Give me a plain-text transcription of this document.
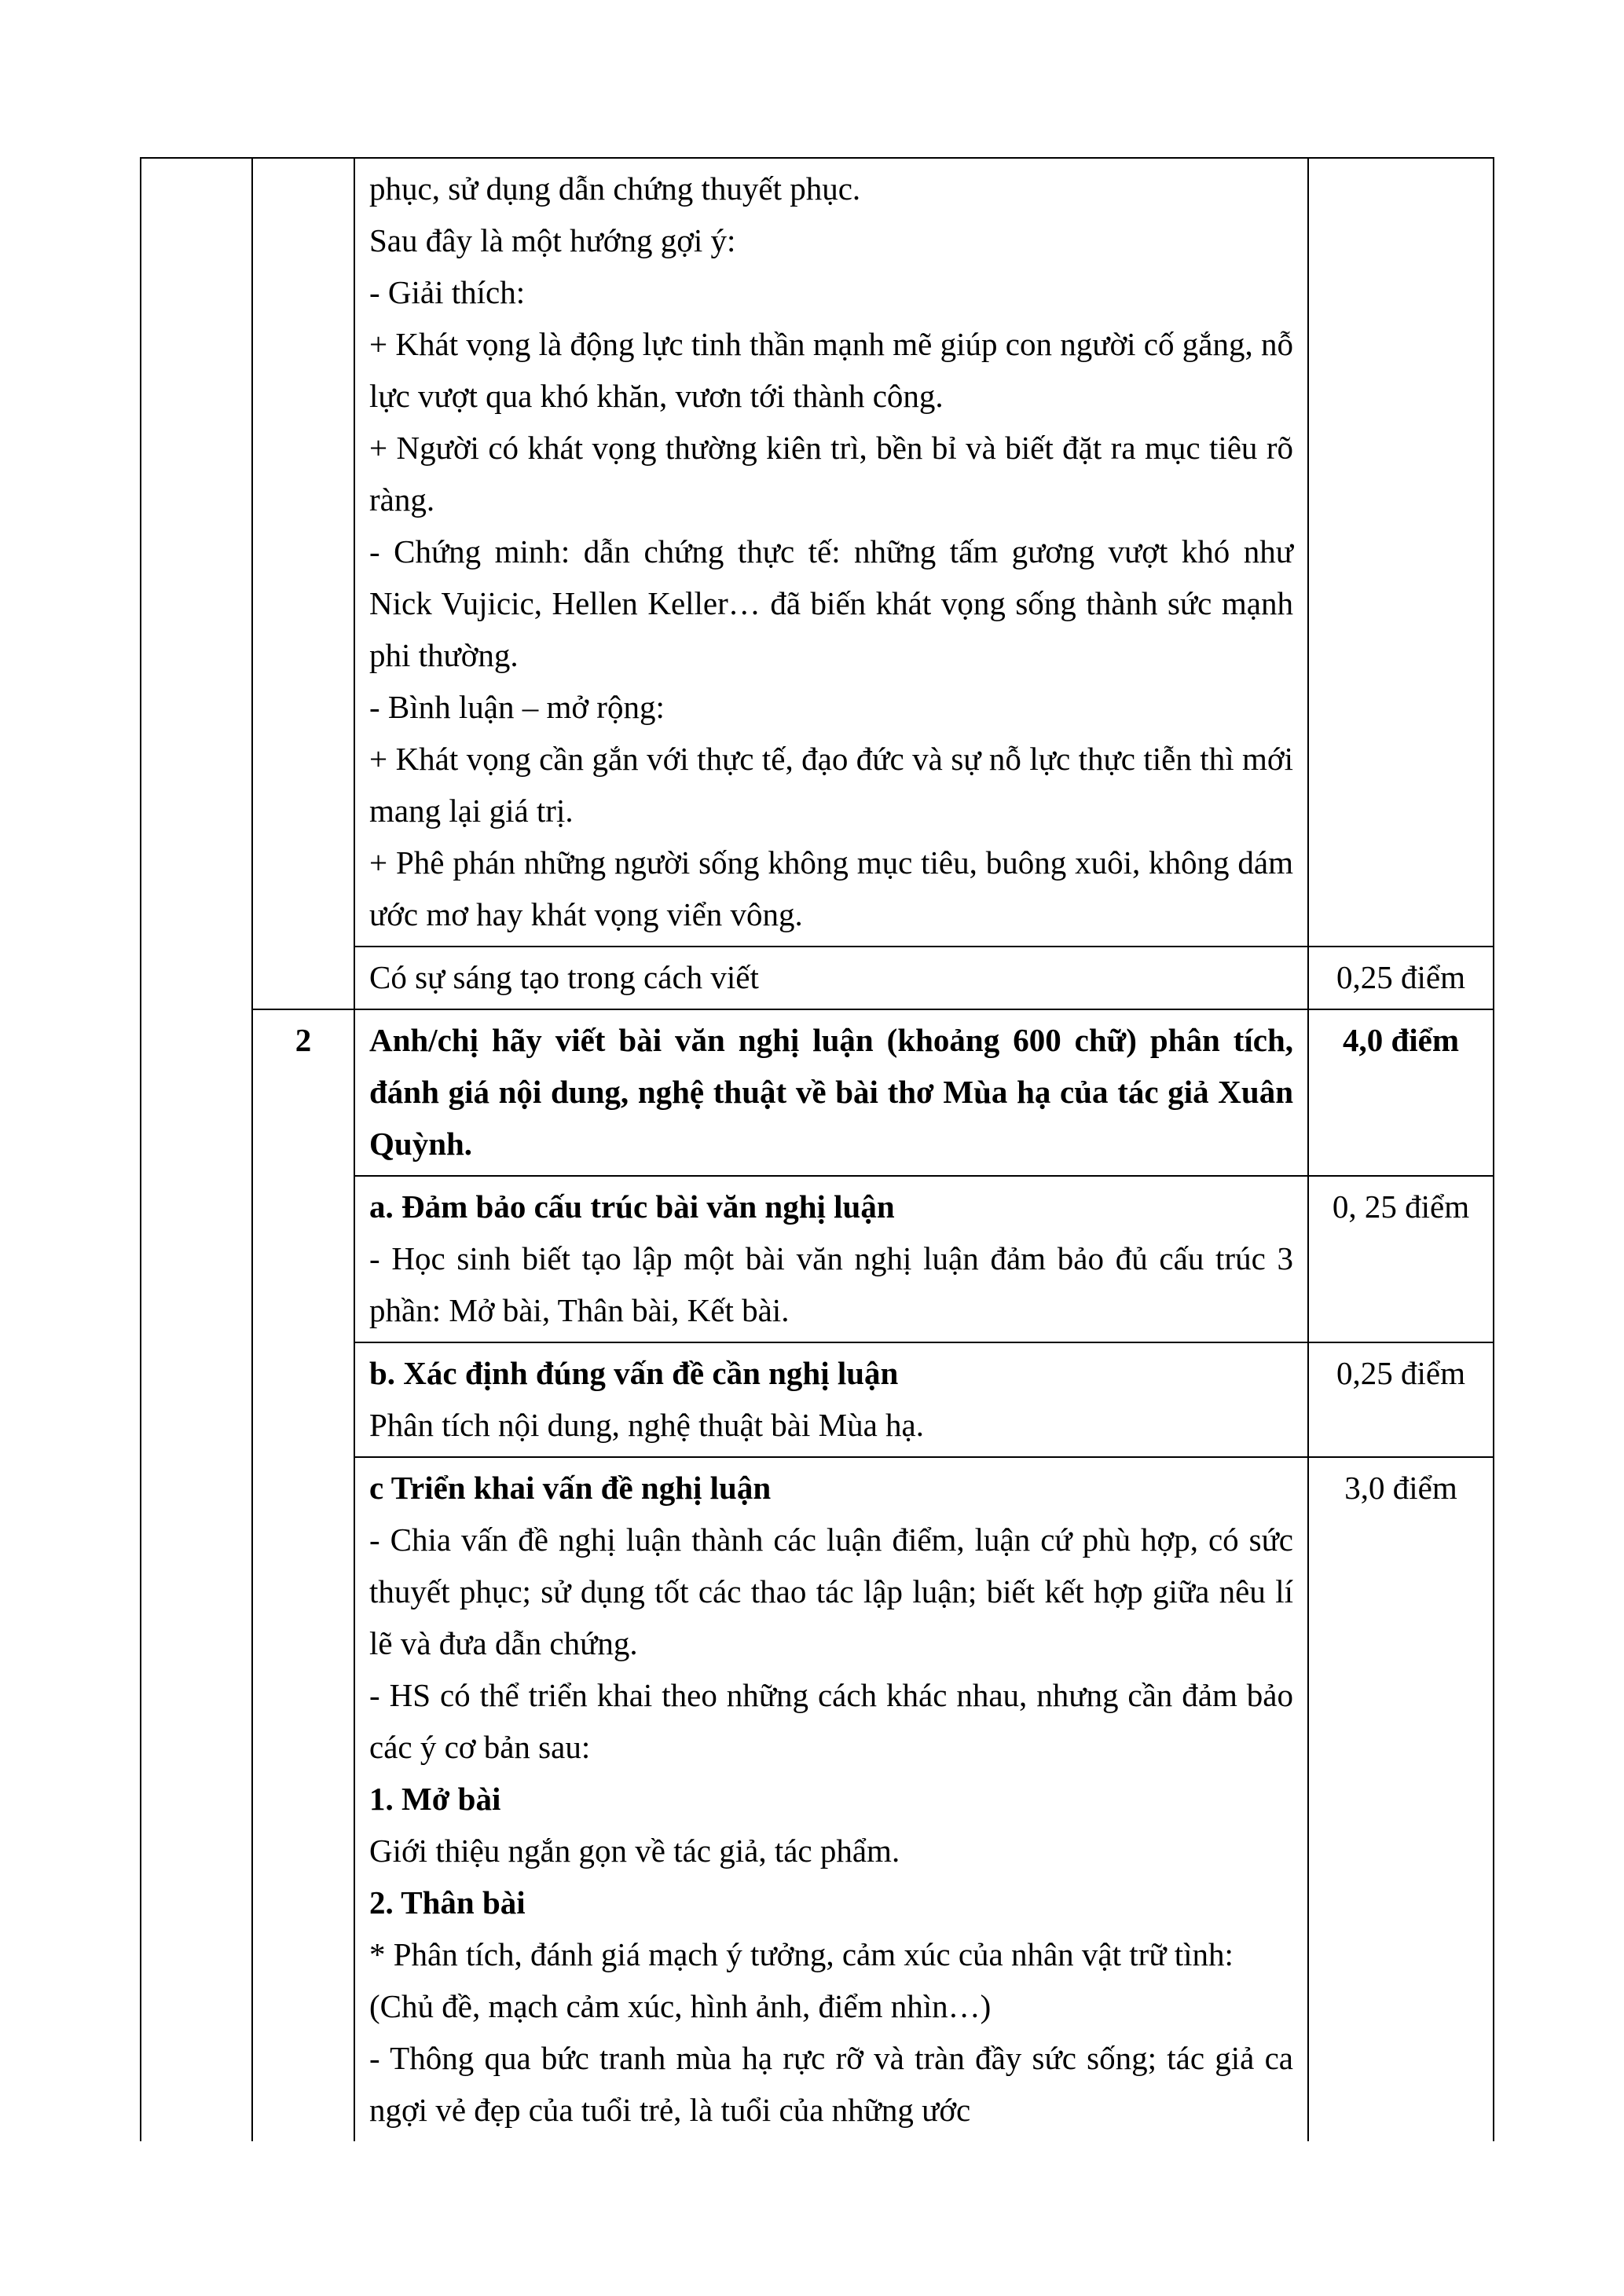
phục, sử dụng dẫn chứng thuyết phục.

Sau đây là một hướng gợi ý:

- Giải thích:

+ Khát vọng là động lực tinh thần mạnh mẽ giúp con người cố gắng, nỗ lực vượt qua khó khăn, vươn tới thành công.

+ Người có khát vọng thường kiên trì, bền bỉ và biết đặt ra mục tiêu rõ ràng.

- Chứng minh: dẫn chứng thực tế: những tấm gương vượt khó như Nick Vujicic, Hellen Keller… đã biến khát vọng sống thành sức mạnh phi thường.

- Bình luận – mở rộng:

+ Khát vọng cần gắn với thực tế, đạo đức và sự nỗ lực thực tiễn thì mới mang lại giá trị.

+ Phê phán những người sống không mục tiêu, buông xuôi, không dám ước mơ hay khát vọng viển vông.

		Có sự sáng tạo trong cách viết	0,25 điểm
	2	Anh/chị hãy viết bài văn nghị luận (khoảng 600 chữ) phân tích, đánh giá nội dung, nghệ thuật về bài thơ Mùa hạ của tác giả Xuân Quỳnh.	4,0 điểm

		a. Đảm bảo cấu trúc bài văn nghị luận

- Học sinh biết tạo lập một bài văn nghị luận đảm bảo đủ cấu trúc 3 phần: Mở bài, Thân bài, Kết bài.	0, 25 điểm

		b. Xác định đúng vấn đề cần nghị luận

Phân tích nội dung, nghệ thuật bài Mùa hạ.	0,25 điểm

c Triển khai vấn đề nghị luận

- Chia vấn đề nghị luận thành các luận điểm, luận cứ phù hợp, có sức thuyết phục; sử dụng tốt các thao tác lập luận; biết kết hợp giữa nêu lí lẽ và đưa dẫn chứng.

- HS có thể triển khai theo những cách khác nhau, nhưng cần đảm bảo các ý cơ bản sau:

1. Mở bài

Giới thiệu ngắn gọn về tác giả, tác phẩm.

2. Thân bài

* Phân tích, đánh giá mạch ý tưởng, cảm xúc của nhân vật trữ tình:

(Chủ đề, mạch cảm xúc, hình ảnh, điểm nhìn…)

- Thông qua bức tranh mùa hạ rực rỡ và tràn đầy sức sống; tác giả ca ngợi vẻ đẹp của tuổi trẻ, là tuổi của những ước

	3,0 điểm
